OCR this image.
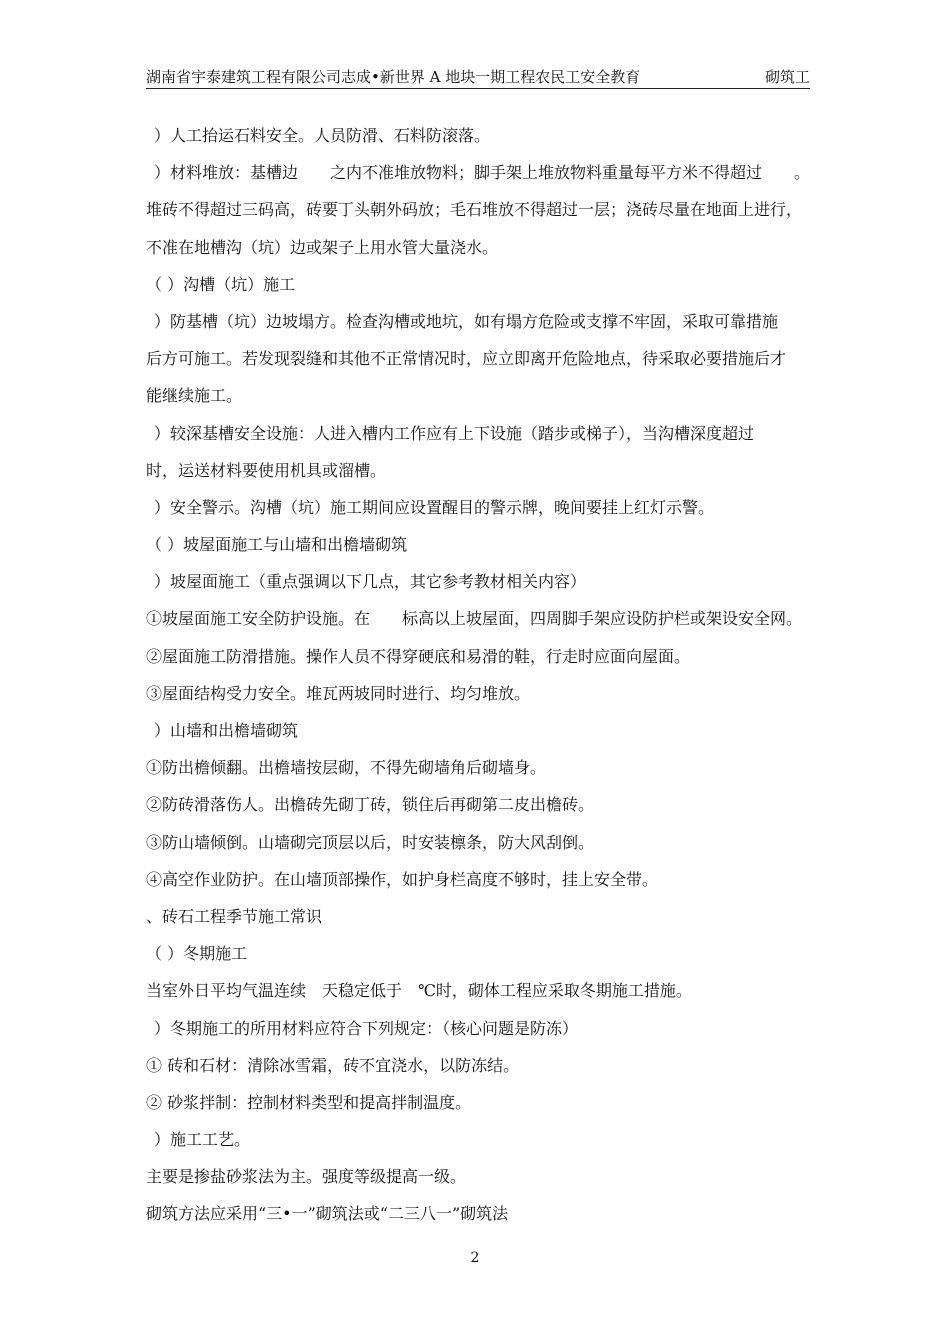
湖南省宇泰建筑工程有限公司志成•新世界 A 地块一期工程农民工安全教育	砌筑工
）人工抬运石料安全。人员防滑、石料防滚落。
）材料堆放：基槽边　　之内不准堆放物料；脚手架上堆放物料重量每平方米不得超过　　。
堆砖不得超过三码高，砖要丁头朝外码放；毛石堆放不得超过一层；浇砖尽量在地面上进行，
不准在地槽沟（坑）边或架子上用水管大量浇水。
（ ）沟槽（坑）施工
）防基槽（坑）边坡塌方。检查沟槽或地坑，如有塌方危险或支撑不牢固，采取可靠措施
后方可施工。若发现裂缝和其他不正常情况时，应立即离开危险地点，待采取必要措施后才
能继续施工。
）较深基槽安全设施：人进入槽内工作应有上下设施（踏步或梯子），当沟槽深度超过
时，运送材料要使用机具或溜槽。
）安全警示。沟槽（坑）施工期间应设置醒目的警示牌，晚间要挂上红灯示警。
（ ）坡屋面施工与山墙和出檐墙砌筑
）坡屋面施工（重点强调以下几点，其它参考教材相关内容）
①坡屋面施工安全防护设施。在　　标高以上坡屋面，四周脚手架应设防护栏或架设安全网。
②屋面施工防滑措施。操作人员不得穿硬底和易滑的鞋，行走时应面向屋面。
③屋面结构受力安全。堆瓦两坡同时进行、均匀堆放。
）山墙和出檐墙砌筑
①防出檐倾翻。出檐墙按层砌，不得先砌墙角后砌墙身。
②防砖滑落伤人。出檐砖先砌丁砖，锁住后再砌第二皮出檐砖。
③防山墙倾倒。山墙砌完顶层以后，时安装檩条，防大风刮倒。
④高空作业防护。在山墙顶部操作，如护身栏高度不够时，挂上安全带。
、砖石工程季节施工常识
（ ）冬期施工
当室外日平均气温连续　天稳定低于　℃时，砌体工程应采取冬期施工措施。
）冬期施工的所用材料应符合下列规定：（核心问题是防冻）
① 砖和石材：清除冰雪霜，砖不宜浇水，以防冻结。
② 砂浆拌制：控制材料类型和提高拌制温度。
）施工工艺。
主要是掺盐砂浆法为主。强度等级提高一级。
砌筑方法应采用“三•一”砌筑法或“二三八一”砌筑法
2
